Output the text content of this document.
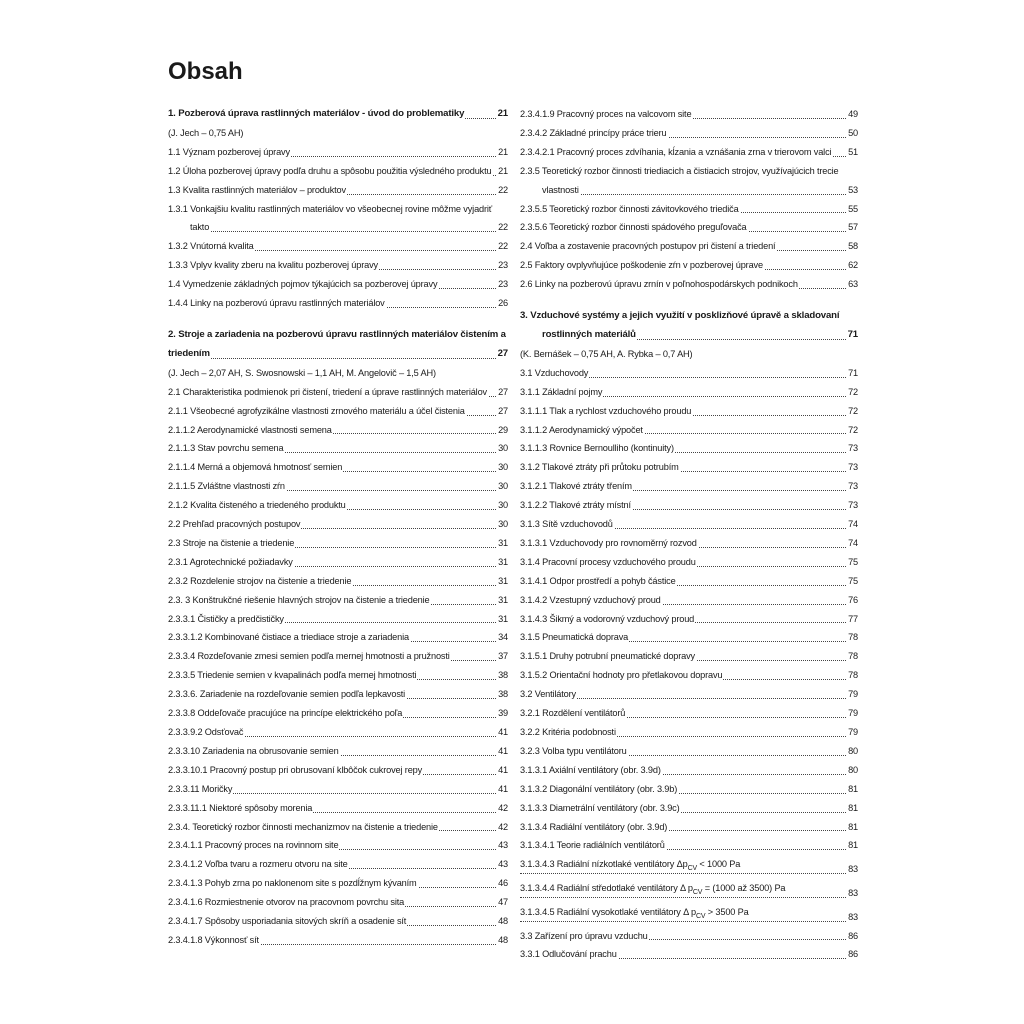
Obsah
1. Pozberová úprava rastlinných materiálov - úvod do problematiky	21
(J. Jech – 0,75 AH)
1.1 Význam pozberovej úpravy	21
1.2 Úloha pozberovej úpravy podľa druhu a spôsobu použitia výsledného produktu 21
1.3 Kvalita rastlinných materiálov – produktov	22
1.3.1 Vonkajšiu kvalitu rastlinných materiálov vo všeobecnej rovine môžme vyjadriť
takto	22
1.3.2 Vnútorná kvalita	22
1.3.3 Vplyv kvality zberu na kvalitu pozberovej úpravy	23
1.4 Vymedzenie základných pojmov týkajúcich sa pozberovej úpravy	23
1.4.4 Linky na pozberovú úpravu rastlinných materiálov	26
2. Stroje a zariadenia na pozberovú úpravu rastlinných materiálov čistením a
triedením	27
(J. Jech – 2,07 AH, S. Swosnowski – 1,1 AH, M. Angelovič – 1,5 AH)
2.1 Charakteristika podmienok pri čistení, triedení a úprave rastlinných materiálov 27
2.1.1 Všeobecné agrofyzikálne vlastnosti zrnového materiálu a účel čistenia	27
2.1.1.2 Aerodynamické vlastnosti semena	29
2.1.1.3 Stav povrchu semena	30
2.1.1.4 Merná a objemová hmotnosť semien	30
2.1.1.5 Zvláštne vlastnosti zŕn	30
2.1.2 Kvalita čisteného a triedeného produktu	30
2.2 Prehľad pracovných postupov	30
2.3 Stroje na čistenie a triedenie	31
2.3.1 Agrotechnické požiadavky	31
2.3.2 Rozdelenie strojov na čistenie a triedenie	31
2.3. 3 Konštrukčné riešenie hlavných strojov na čistenie a triedenie	31
2.3.3.1 Čističky a predčističky	31
2.3.3.1.2 Kombinované čistiace a triediace stroje a zariadenia	34
2.3.3.4 Rozdeľovanie zmesi semien podľa mernej hmotnosti a pružnosti	37
2.3.3.5 Triedenie semien v kvapalinách podľa mernej hmotnosti	38
2.3.3.6. Zariadenie na rozdeľovanie semien podľa lepkavosti	38
2.3.3.8 Oddeľovače pracujúce na princípe elektrického poľa	39
2.3.3.9.2 Odsťovač	41
2.3.3.10 Zariadenia na obrusovanie semien	41
2.3.3.10.1 Pracovný postup pri obrusovaní klbôčok cukrovej repy	41
2.3.3.11 Moričky	41
2.3.3.11.1 Niektoré spôsoby morenia	42
2.3.4. Teoretický rozbor činnosti mechanizmov na čistenie a triedenie	42
2.3.4.1.1 Pracovný proces na rovinnom site	43
2.3.4.1.2 Voľba tvaru a rozmeru otvoru na site	43
2.3.4.1.3 Pohyb zrna po naklonenom site s pozdĺžnym kývaním	46
2.3.4.1.6 Rozmiestnenie otvorov na pracovnom povrchu sita	47
2.3.4.1.7 Spôsoby usporiadania sitových skríň a osadenie sít	48
2.3.4.1.8 Výkonnosť sít	48
2.3.4.1.9 Pracovný proces na valcovom site	49
2.3.4.2 Základné princípy práce trieru	50
2.3.4.2.1 Pracovný proces zdvíhania, kĺzania a vznášania zrna v trierovom valci 51
2.3.5 Teoretický rozbor činnosti triediacich a čistiacich strojov, využívajúcich trecie
vlastnosti	53
2.3.5.5 Teoretický rozbor činnosti závitovkového triediča	55
2.3.5.6 Teoretický rozbor činnosti spádového preguľovača	57
2.4 Voľba a zostavenie pracovných postupov pri čistení a triedení	58
2.5 Faktory ovplyvňujúce poškodenie zŕn v pozberovej úprave	62
2.6 Linky na pozberovú úpravu zrnín v poľnohospodárskych podnikoch	63
3. Vzduchové systémy a jejich využití v posklizňové úpravě a skladovaní
rostlinných materiálů	71
(K. Bernášek – 0,75 AH, A. Rybka – 0,7 AH)
3.1 Vzduchovody	71
3.1.1 Základní pojmy	72
3.1.1.1 Tlak a rychlost vzduchového proudu	72
3.1.1.2 Aerodynamický výpočet	72
3.1.1.3 Rovnice Bernoulliho (kontinuity)	73
3.1.2 Tlakové ztráty při průtoku potrubím	73
3.1.2.1 Tlakové ztráty třením	73
3.1.2.2 Tlakové ztráty místní	73
3.1.3 Sítě vzduchovodů	74
3.1.3.1 Vzduchovody pro rovnoměrný rozvod	74
3.1.4 Pracovní procesy vzduchového proudu	75
3.1.4.1 Odpor prostředí a pohyb částice	75
3.1.4.2 Vzestupný vzduchový proud	76
3.1.4.3 Šikmý a vodorovný vzduchový proud	77
3.1.5 Pneumatická doprava	78
3.1.5.1 Druhy potrubní pneumatické dopravy	78
3.1.5.2 Orientační hodnoty pro přetlakovou dopravu	78
3.2 Ventilátory	79
3.2.1 Rozdělení ventilátorů	79
3.2.2 Kritéria podobnosti	79
3.2.3 Volba typu ventilátoru	80
3.1.3.1 Axiální ventilátory (obr. 3.9d)	80
3.1.3.2 Diagonální ventilátory (obr. 3.9b)	81
3.1.3.3 Diametrální ventilátory (obr. 3.9c)	81
3.1.3.4 Radiální ventilátory (obr. 3.9d)	81
3.1.3.4.1 Teorie radiálních ventilátorů	81
3.1.3.4.3 Radiální nízkotlaké ventilátory $\Delta p_{CV} < 1000$ Pa	83
3.1.3.4.4 Radiální středotlaké ventilátory Δ $p_{CV} = (1000$ až 3500) Pa	83
3.1.3.4.5 Radiální vysokotlaké ventilátory Δ $p_{CV} > 3500$ Pa	83
3.3 Zařízení pro úpravu vzduchu	86
3.3.1 Odlučování prachu	86
